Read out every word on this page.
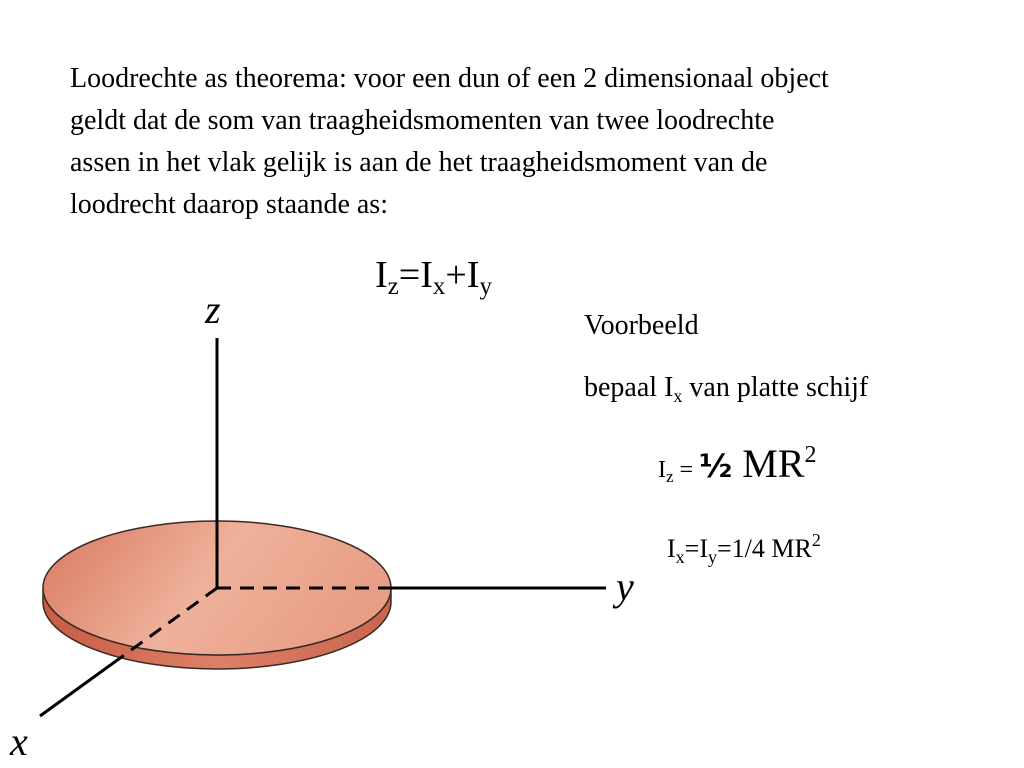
Loodrechte as theorema: voor een dun of een 2 dimensionaal object
geldt dat de som van traagheidsmomenten van twee loodrechte
assen in het vlak gelijk is aan de het traagheidsmoment van de
loodrecht daarop staande as:
$I_z=I_x+I_y$
Voorbeeld
bepaal $I_x$ van platte schijf
$I_z$ = ½ $MR^2$
$I_x=I_y=1/4$ $MR^2$
z
y
x
